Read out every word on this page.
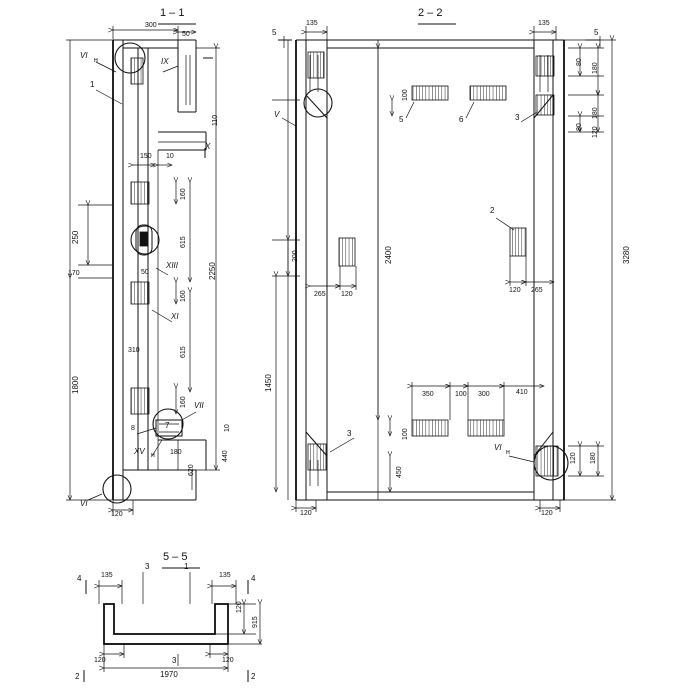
1 – 1
300
50
VI
н	IX
1
110
X
150 10
160
250	615
2250
170	50
XIII
160
XI
310	615
1800
160 VII
8	7	10
XV н 180	440
620
VI
120
2 – 2
135	135
5	5
80
180
100
180
V
5	6	3
80 120
2
200	2400	3280
265 120
120 265
1450
350	100 300	410
100
3
450
VI
н	120 180
120	120
5 – 5
135	135
4	4
3	1
120
915
120	3	120
1970
2	2
